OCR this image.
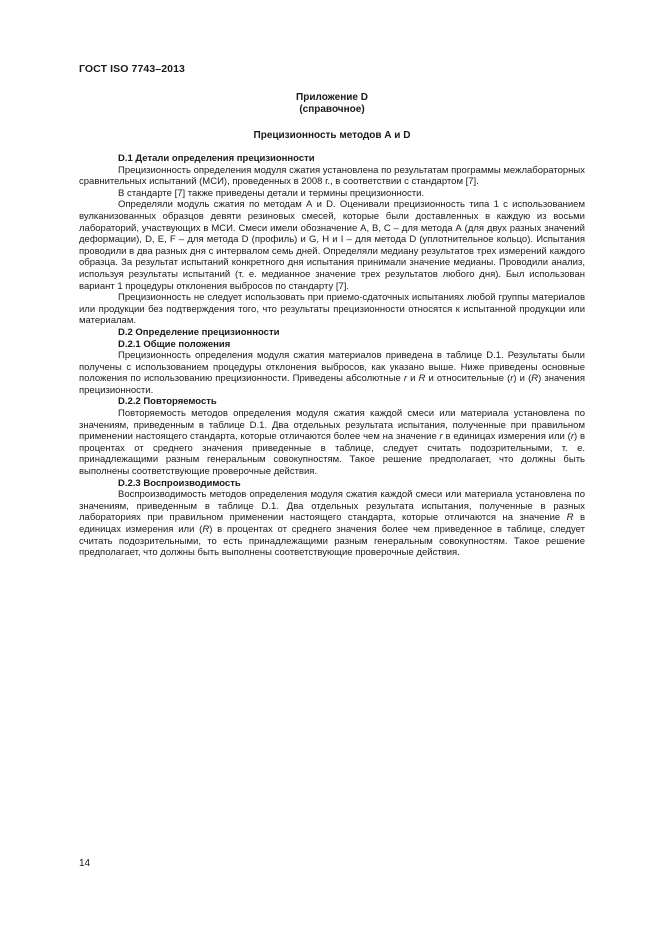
ГОСТ ISO 7743–2013
Приложение D
(справочное)
Прецизионность методов А и D

D.1 Детали определения прецизионности

Прецизионность определения модуля сжатия установлена по результатам программы межлабораторных сравнительных испытаний (МСИ), проведенных в 2008 г., в соответствии с стандартом [7].

В стандарте [7] также приведены детали и термины прецизионности.

Определяли модуль сжатия по методам А и D. Оценивали прецизионность типа 1 с использованием вулканизованных образцов девяти резиновых смесей, которые были доставленных в каждую из восьми лабораторий, участвующих в МСИ. Смеси имели обозначение А, В, С – для метода А (для двух разных значений деформации), D, E, F – для метода D (профиль) и G, H и I – для метода D (уплотнительное кольцо). Испытания проводили в два разных дня с интервалом семь дней. Определяли медиану результатов трех измерений каждого образца. За результат испытаний конкретного дня испытания принимали значение медианы. Проводили анализ, используя результаты испытаний (т. е. медианное значение трех результатов любого дня). Был использован вариант 1 процедуры отклонения выбросов по стандарту [7].

Прецизионность не следует использовать при приемо-сдаточных испытаниях любой группы материалов или продукции без подтверждения того, что результаты прецизионности относятся к испытанной продукции или материалам.

D.2 Определение прецизионности

D.2.1 Общие положения

Прецизионность определения модуля сжатия материалов приведена в таблице D.1. Результаты были получены с использованием процедуры отклонения выбросов, как указано выше. Ниже приведены основные положения по использованию прецизионности. Приведены абсолютные r и R и относительные (r) и (R) значения прецизионности.

D.2.2 Повторяемость

Повторяемость методов определения модуля сжатия каждой смеси или материала установлена по значениям, приведенным в таблице D.1. Два отдельных результата испытания, полученные при правильном применении настоящего стандарта, которые отличаются более чем на значение r в единицах измерения или (r) в процентах от среднего значения приведенные в таблице, следует считать подозрительными, т. е. принадлежащими разным генеральным совокупностям. Такое решение предполагает, что должны быть выполнены соответствующие проверочные действия.

D.2.3 Воспроизводимость

Воспроизводимость методов определения модуля сжатия каждой смеси или материала установлена по значениям, приведенным в таблице D.1. Два отдельных результата испытания, полученные в разных лабораториях при правильном применении настоящего стандарта, которые отличаются на значение R в единицах измерения или (R) в процентах от среднего значения более чем приведенное в таблице, следует считать подозрительными, то есть принадлежащими разным генеральным совокупностям. Такое решение предполагает, что должны быть выполнены соответствующие проверочные действия.

14
